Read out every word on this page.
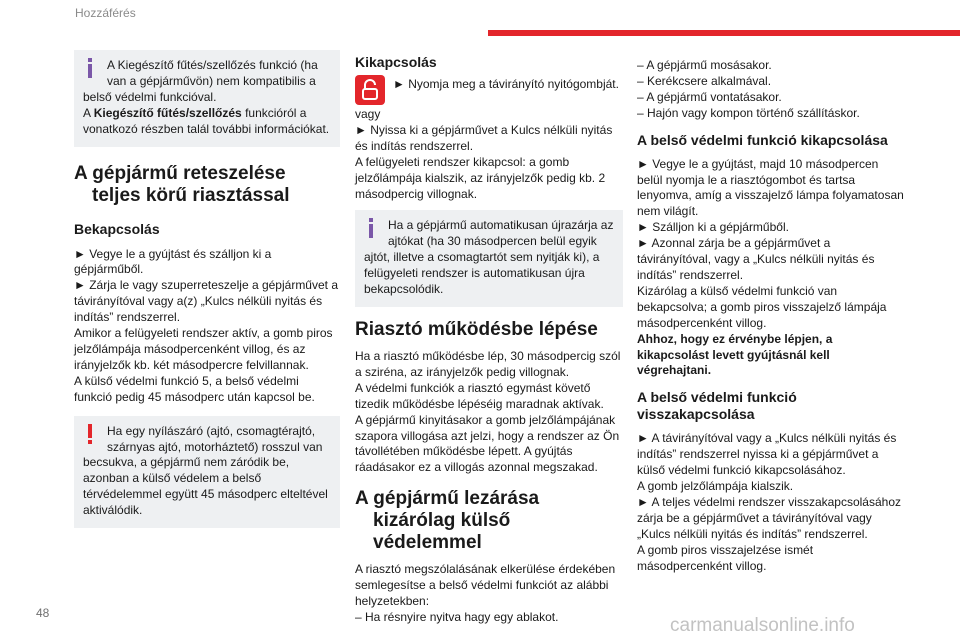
Hozzáférés

A Kiegészítő fűtés/szellőzés funkció (ha van a gépjárművön) nem kompatibilis a belső védelmi funkcióval.

A Kiegészítő fűtés/szellőzés funkcióról a vonatkozó részben talál további információkat.

A gépjármű reteszelése
teljes körű riasztással
Bekapcsolás

► Vegye le a gyújtást és szálljon ki a gépjárműből.

► Zárja le vagy szuperreteszelje a gépjárművet a távirányítóval vagy a(z) „Kulcs nélküli nyitás és indítás” rendszerrel.

Amikor a felügyeleti rendszer aktív, a gomb piros jelzőlámpája másodpercenként villog, és az irányjelzők kb. két másodpercre felvillannak.

A külső védelmi funkció 5, a belső védelmi funkció pedig 45 másodperc után kapcsol be.

Ha egy nyílászáró (ajtó, csomagtérajtó, szárnyas ajtó, motorháztető) rosszul van becsukva, a gépjármű nem záródik be, azonban a külső védelem a belső térvédelemmel együtt 45 másodperc elteltével aktiválódik.

Kikapcsolás

► Nyomja meg a távirányító nyitógombját.

vagy

► Nyissa ki a gépjárművet a Kulcs nélküli nyitás és indítás rendszerrel.

A felügyeleti rendszer kikapcsol: a gomb jelzőlámpája kialszik, az irányjelzők pedig kb. 2 másodpercig villognak.

Ha a gépjármű automatikusan újrazárja az ajtókat (ha 30 másodpercen belül egyik ajtót, illetve a csomagtartót sem nyitják ki), a felügyeleti rendszer is automatikusan újra bekapcsolódik.

Riasztó működésbe lépése

Ha a riasztó működésbe lép, 30 másodpercig szól a sziréna, az irányjelzők pedig villognak.

A védelmi funkciók a riasztó egymást követő tizedik működésbe lépéséig maradnak aktívak.

A gépjármű kinyitásakor a gomb jelzőlámpájának szapora villogása azt jelzi, hogy a rendszer az Ön távollétében működésbe lépett. A gyújtás ráadásakor ez a villogás azonnal megszakad.

A gépjármű lezárása
kizárólag külső védelemmel

A riasztó megszólalásának elkerülése érdekében semlegesítse a belső védelmi funkciót az alábbi helyzetekben:

– Ha résnyire nyitva hagy egy ablakot.

– A gépjármű mosásakor.

– Kerékcsere alkalmával.

– A gépjármű vontatásakor.

– Hajón vagy kompon történő szállításkor.

A belső védelmi funkció kikapcsolása

► Vegye le a gyújtást, majd 10 másodpercen belül nyomja le a riasztógombot és tartsa lenyomva, amíg a visszajelző lámpa folyamatosan nem világít.

► Szálljon ki a gépjárműből.

► Azonnal zárja be a gépjárművet a távirányítóval, vagy a „Kulcs nélküli nyitás és indítás” rendszerrel.

Kizárólag a külső védelmi funkció van bekapcsolva; a gomb piros visszajelző lámpája másodpercenként villog.

Ahhoz, hogy ez érvénybe lépjen, a kikapcsolást levett gyújtásnál kell végrehajtani.

A belső védelmi funkció
visszakapcsolása

► A távirányítóval vagy a „Kulcs nélküli nyitás és indítás” rendszerrel nyissa ki a gépjárművet a külső védelmi funkció kikapcsolásához.

A gomb jelzőlámpája kialszik.

► A teljes védelmi rendszer visszakapcsolásához zárja be a gépjárművet a távirányítóval vagy „Kulcs nélküli nyitás és indítás” rendszerrel.

A gomb piros visszajelzése ismét másodpercenként villog.

48
carmanualsonline.info
